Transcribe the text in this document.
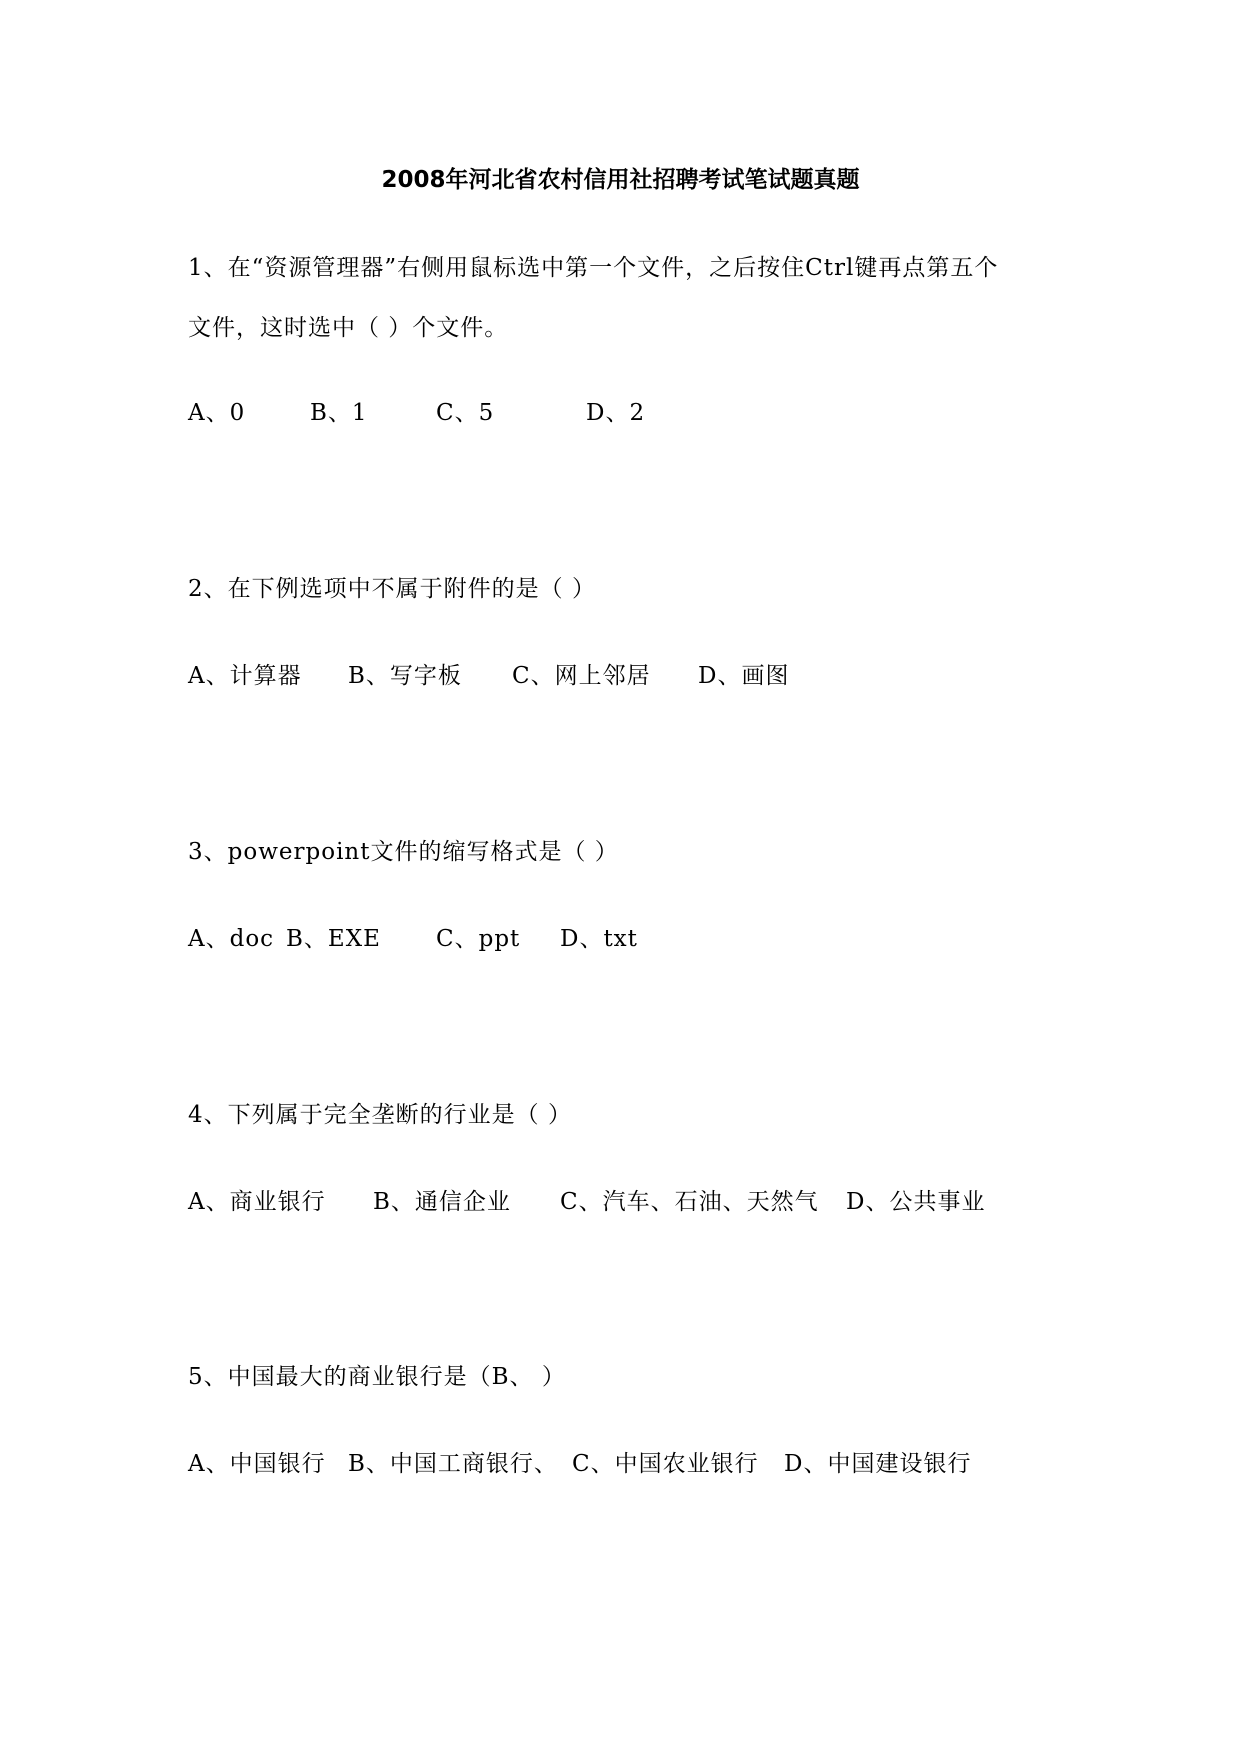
2008年河北省农村信用社招聘考试笔试题真题
1、在“资源管理器”右侧用鼠标选中第一个文件，之后按住Ctrl键再点第五个
文件，这时选中（ ）个文件。
A、0	B、1	C、5	D、2
2、在下例选项中不属于附件的是（ ）
A、计算器 B、写字板 C、网上邻居 D、画图
3、powerpoint文件的缩写格式是（ ）
A、doc B、EXE C、ppt D、txt
4、下列属于完全垄断的行业是（ ）
A、商业银行 B、通信企业 C、汽车、石油、天然气 D、公共事业
5、中国最大的商业银行是（B、 ）
A、中国银行 B、中国工商银行、 C、中国农业银行 D、中国建设银行
